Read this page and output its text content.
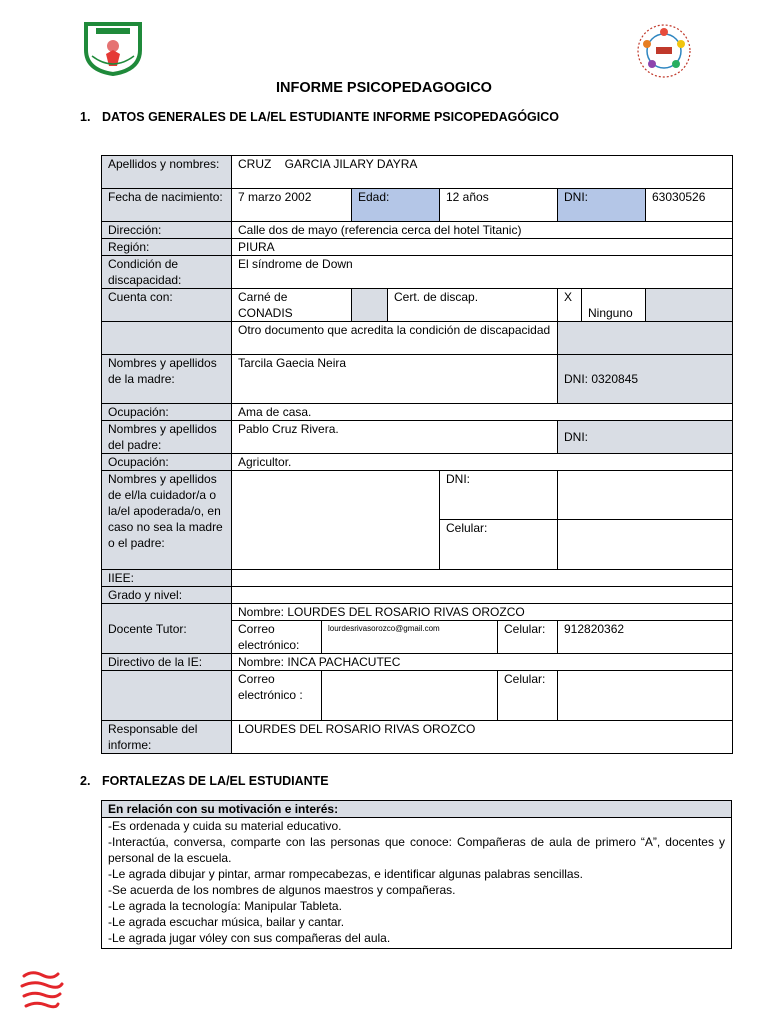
INFORME PSICOPEDAGOGICO
1. DATOS GENERALES DE LA/EL ESTUDIANTE INFORME PSICOPEDAGÓGICO
Apellidos y nombres:	CRUZ    GARCIA JILARY DAYRA								
Fecha de nacimiento:	7 marzo 2002		Edad:		12 años		DNI:		63030526
Dirección:	Calle dos de mayo (referencia cerca del hotel Titanic)								
Región:	PIURA								
Condición de discapacidad:	El síndrome de Down								
Cuenta con:	Carné de CONADIS			Cert. de discap.			X	Ninguno	
	Otro documento que acredita la condición de discapacidad								
Nombres y apellidos de la madre:	Tarcila Gaecia Neira						DNI: 0320845		
Ocupación:	Ama de casa.								
Nombres y apellidos del padre:	Pablo Cruz Rivera.						DNI:		
Ocupación:	Agricultor.								
Nombres y apellidos de el/la cuidador/a o la/el apoderada/o, en caso no sea la madre o el padre:					DNI:				
					Celular:				
IIEE:									
Grado y nivel:									
Docente Tutor:	Nombre: LOURDES DEL ROSARIO RIVAS OROZCO								
	Correo electrónico:	lourdesrivasorozco@gmail.com				Celular:	912820362		
Directivo de la IE:	Nombre: INCA PACHACUTEC								
	Correo electrónico :					Celular:			
Responsable del informe:	LOURDES DEL ROSARIO RIVAS OROZCO								
2. FORTALEZAS DE LA/EL ESTUDIANTE
En relación con su motivación e interés:

-Es ordenada y cuida su material educativo.
-Interactúa, conversa, comparte con las personas que conoce: Compañeras de aula de primero “A”, docentes y personal de la escuela.
-Le agrada dibujar y pintar, armar rompecabezas, e identificar algunas palabras sencillas.
-Se acuerda de los nombres de algunos maestros y compañeras.
-Le agrada la tecnología: Manipular Tableta.
-Le agrada escuchar música, bailar y cantar.
-Le agrada jugar vóley con sus compañeras del aula.
